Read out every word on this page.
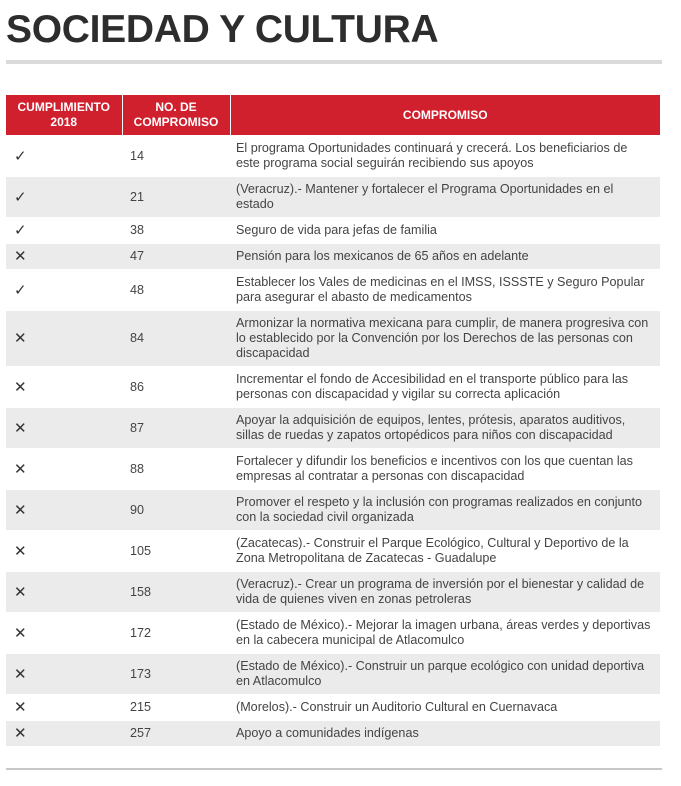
SOCIEDAD Y CULTURA
CUMPLIMIENTO 2018	NO. DE COMPROMISO	COMPROMISO
✓	14	El programa Oportunidades continuará y crecerá. Los beneficiarios de este programa social seguirán recibiendo sus apoyos
✓	21	(Veracruz).- Mantener y fortalecer el Programa Oportunidades en el estado
✓	38	Seguro de vida para jefas de familia
✕	47	Pensión para los mexicanos de 65 años en adelante
✓	48	Establecer los Vales de medicinas en el IMSS, ISSSTE y Seguro Popular para asegurar el abasto de medicamentos
✕	84	Armonizar la normativa mexicana para cumplir, de manera progresiva con lo establecido por la Convención por los Derechos de las personas con discapacidad
✕	86	Incrementar el fondo de Accesibilidad en el transporte público para las personas con discapacidad y vigilar su correcta aplicación
✕	87	Apoyar la adquisición de equipos, lentes, prótesis, aparatos auditivos, sillas de ruedas y zapatos ortopédicos para niños con discapacidad
✕	88	Fortalecer y difundir los beneficios e incentivos con los que cuentan las empresas al contratar a personas con discapacidad
✕	90	Promover el respeto y la inclusión con programas realizados en conjunto con la sociedad civil organizada
✕	105	(Zacatecas).- Construir el Parque Ecológico, Cultural y Deportivo de la Zona Metropolitana de Zacatecas - Guadalupe
✕	158	(Veracruz).- Crear un programa de inversión por el bienestar y calidad de vida de quienes viven en zonas petroleras
✕	172	(Estado de México).- Mejorar la imagen urbana, áreas verdes y deportivas en la cabecera municipal de Atlacomulco
✕	173	(Estado de México).- Construir un parque ecológico con unidad deportiva en Atlacomulco
✕	215	(Morelos).- Construir un Auditorio Cultural en Cuernavaca
✕	257	Apoyo a comunidades indígenas
